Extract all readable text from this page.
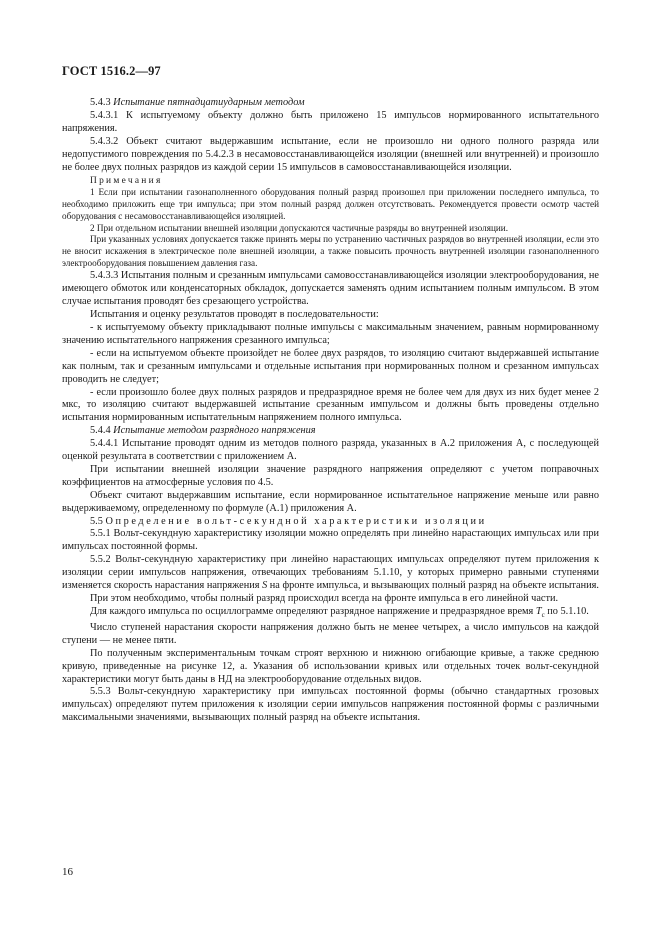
ГОСТ 1516.2—97

5.4.3 Испытание пятнадцатиударным методом

5.4.3.1 К испытуемому объекту должно быть приложено 15 импульсов нормированного испытательного напряжения.

5.4.3.2 Объект считают выдержавшим испытание, если не произошло ни одного полного разряда или недопустимого повреждения по 5.4.2.3 в несамовосстанавливающейся изоляции (внешней или внутренней) и произошло не более двух полных разрядов из каждой серии 15 импульсов в самовосстанавливающейся изоляции.

Примечания

1 Если при испытании газонаполненного оборудования полный разряд произошел при приложении последнего импульса, то необходимо приложить еще три импульса; при этом полный разряд должен отсутствовать. Рекомендуется провести осмотр частей оборудования с несамовосстанавливающейся изоляцией.

2 При отдельном испытании внешней изоляции допускаются частичные разряды во внутренней изоляции.

При указанных условиях допускается также принять меры по устранению частичных разрядов во внутренней изоляции, если это не вносит искажения в электрическое поле внешней изоляции, а также повысить прочность внутренней изоляции газонаполненного электрооборудования повышением давления газа.

5.4.3.3 Испытания полным и срезанным импульсами самовосстанавливающейся изоляции электрооборудования, не имеющего обмоток или конденсаторных обкладок, допускается заменять одним испытанием полным импульсом. В этом случае испытания проводят без срезающего устройства.

Испытания и оценку результатов проводят в последовательности:

- к испытуемому объекту прикладывают полные импульсы с максимальным значением, равным нормированному значению испытательного напряжения срезанного импульса;

- если на испытуемом объекте произойдет не более двух разрядов, то изоляцию считают выдержавшей испытание как полным, так и срезанным импульсами и отдельные испытания при нормированных полном и срезанном импульсах проводить не следует;

- если произошло более двух полных разрядов и предразрядное время не более чем для двух из них будет менее 2 мкс, то изоляцию считают выдержавшей испытание срезанным импульсом и должны быть проведены отдельно испытания нормированным испытательным напряжением полного импульса.

5.4.4 Испытание методом разрядного напряжения

5.4.4.1 Испытание проводят одним из методов полного разряда, указанных в А.2 приложения А, с последующей оценкой результата в соответствии с приложением А.

При испытании внешней изоляции значение разрядного напряжения определяют с учетом поправочных коэффициентов на атмосферные условия по 4.5.

Объект считают выдержавшим испытание, если нормированное испытательное напряжение меньше или равно выдерживаемому, определенному по формуле (А.1) приложения А.

5.5 Определение вольт-секундной характеристики изоляции

5.5.1 Вольт-секундную характеристику изоляции можно определять при линейно нарастающих импульсах или при импульсах постоянной формы.

5.5.2 Вольт-секундную характеристику при линейно нарастающих импульсах определяют путем приложения к изоляции серии импульсов напряжения, отвечающих требованиям 5.1.10, у которых примерно равными ступенями изменяется скорость нарастания напряжения S на фронте импульса, и вызывающих полный разряд на объекте испытания.

При этом необходимо, чтобы полный разряд происходил всегда на фронте импульса в его линейной части.

Для каждого импульса по осциллограмме определяют разрядное напряжение и предразрядное время $T_c$ по 5.1.10.

Число ступеней нарастания скорости напряжения должно быть не менее четырех, а число импульсов на каждой ступени — не менее пяти.

По полученным экспериментальным точкам строят верхнюю и нижнюю огибающие кривые, а также среднюю кривую, приведенные на рисунке 12, а. Указания об использовании кривых или отдельных точек вольт-секундной характеристики могут быть даны в НД на электрооборудование отдельных видов.

5.5.3 Вольт-секундную характеристику при импульсах постоянной формы (обычно стандартных грозовых импульсах) определяют путем приложения к изоляции серии импульсов напряжения постоянной формы с различными максимальными значениями, вызывающих полный разряд на объекте испытания.

16
